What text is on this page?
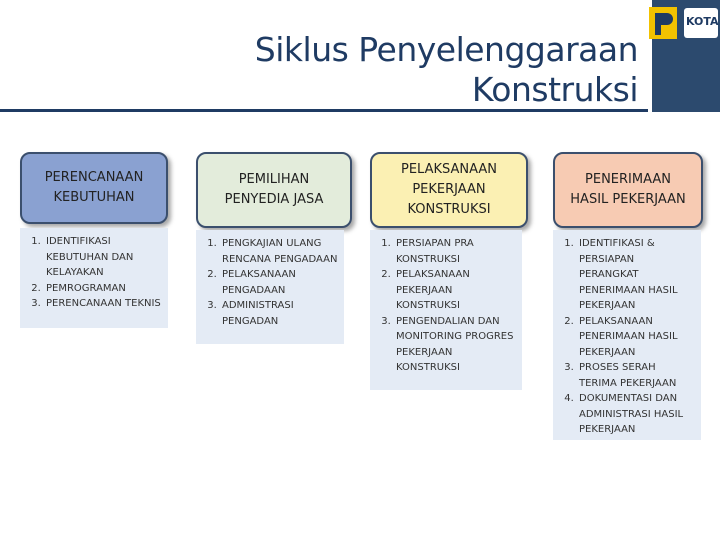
KOTA
Siklus Penyelenggaraan
Konstruksi
PERENCANAAN KEBUTUHAN
1. IDENTIFIKASI KEBUTUHAN DAN KELAYAKAN
2. PEMROGRAMAN
3. PERENCANAAN TEKNIS
PEMILIHAN PENYEDIA JASA
1. PENGKAJIAN ULANG RENCANA PENGADAAN
2. PELAKSANAAN PENGADAAN
3. ADMINISTRASI PENGADAN
PELAKSANAAN PEKERJAAN KONSTRUKSI
1. PERSIAPAN PRA KONSTRUKSI
2. PELAKSANAAN PEKERJAAN KONSTRUKSI
3. PENGENDALIAN DAN MONITORING PROGRES PEKERJAAN KONSTRUKSI
PENERIMAAN HASIL PEKERJAAN
1. IDENTIFIKASI & PERSIAPAN PERANGKAT PENERIMAAN HASIL PEKERJAAN
2. PELAKSANAAN PENERIMAAN HASIL PEKERJAAN
3. PROSES SERAH TERIMA PEKERJAAN
4. DOKUMENTASI DAN ADMINISTRASI HASIL PEKERJAAN
